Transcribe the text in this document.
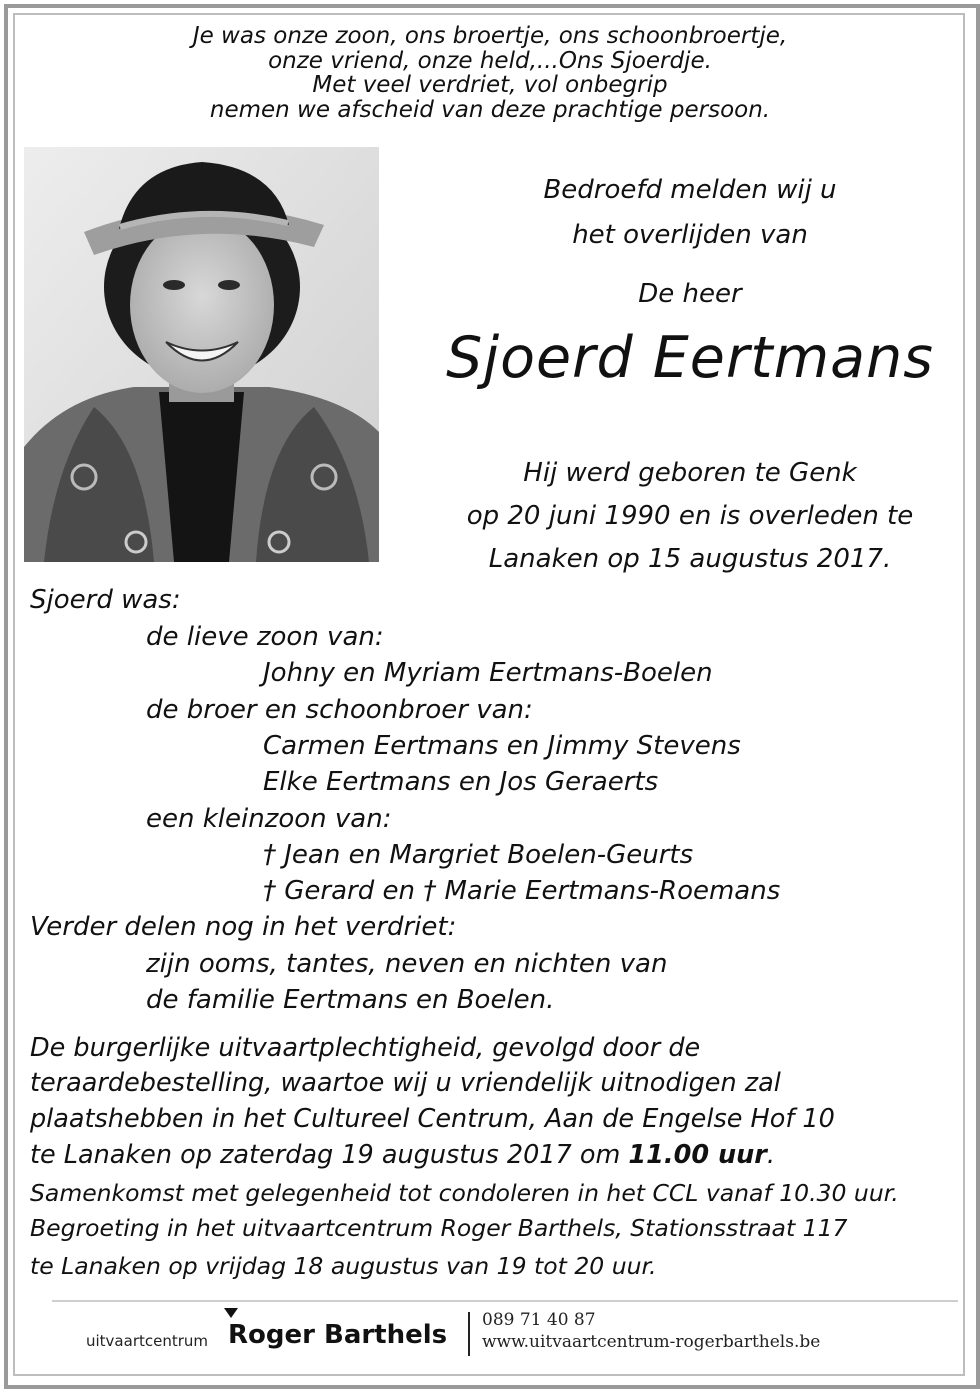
Je was onze zoon, ons broertje, ons schoonbroertje,
onze vriend, onze held,...Ons Sjoerdje.
Met veel verdriet, vol onbegrip
nemen we afscheid van deze prachtige persoon.
Bedroefd melden wij u
het overlijden van
De heer
Sjoerd Eertmans
Hij werd geboren te Genk
op 20 juni 1990 en is overleden te
Lanaken op 15 augustus 2017.
Sjoerd was:
de lieve zoon van:
Johny en Myriam Eertmans-Boelen
de broer en schoonbroer van:
Carmen Eertmans en Jimmy Stevens
Elke Eertmans en Jos Geraerts
een kleinzoon van:
† Jean en Margriet Boelen-Geurts
† Gerard en † Marie Eertmans-Roemans
Verder delen nog in het verdriet:
zijn ooms, tantes, neven en nichten van
de familie Eertmans en Boelen.
De burgerlijke uitvaartplechtigheid, gevolgd door de
teraardebestelling, waartoe wij u vriendelijk uitnodigen zal
plaatshebben in het Cultureel Centrum, Aan de Engelse Hof 10
te Lanaken op zaterdag 19 augustus 2017 om 11.00 uur.
Samenkomst met gelegenheid tot condoleren in het CCL vanaf 10.30 uur.
Begroeting in het uitvaartcentrum Roger Barthels, Stationsstraat 117
te Lanaken op vrijdag 18 augustus van 19 tot 20 uur.
uitvaartcentrum Roger Barthels 089 71 40 87
www.uitvaartcentrum-rogerbarthels.be
